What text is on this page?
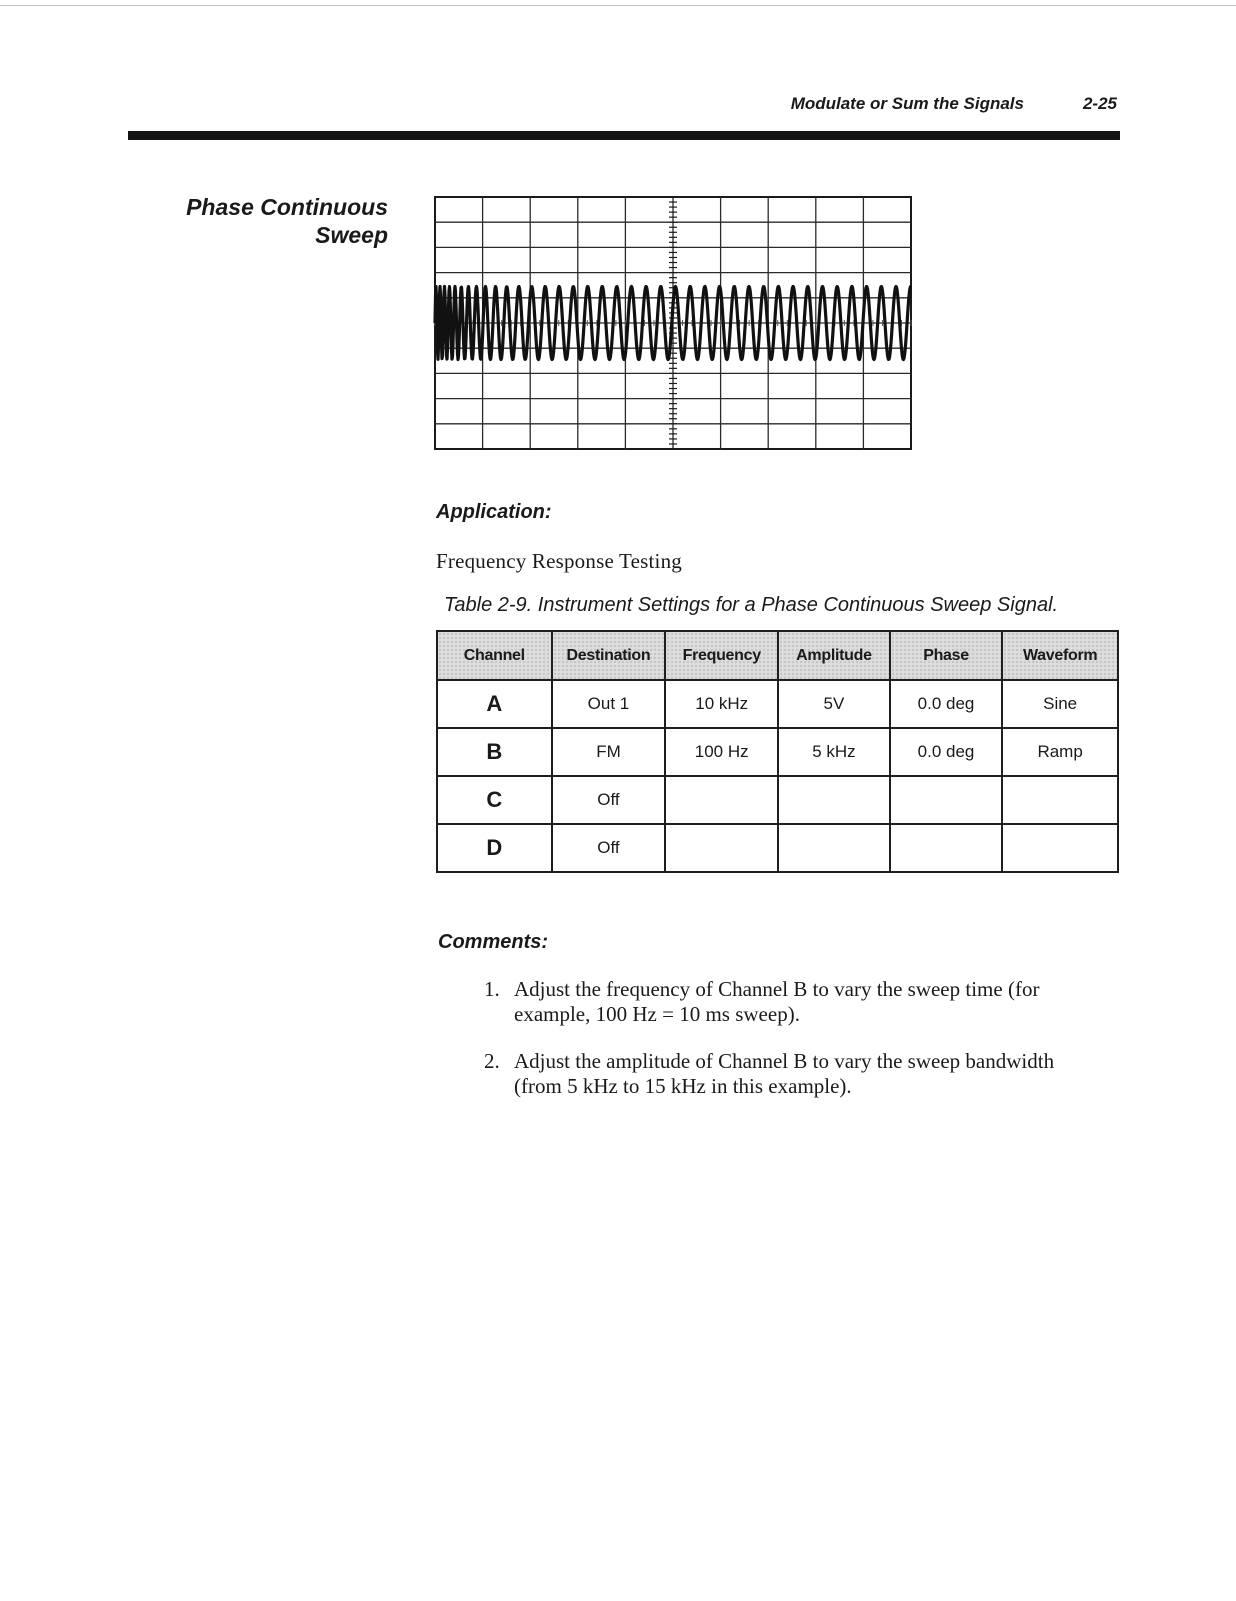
Modulate or Sum the Signals	2-25
Phase Continuous
Sweep
Application:
Frequency Response Testing
Table 2-9. Instrument Settings for a Phase Continuous Sweep Signal.
Channel	Destination	Frequency	Amplitude	Phase	Waveform
A	Out 1	10 kHz	5V	0.0 deg	Sine
B	FM	100 Hz	5 kHz	0.0 deg	Ramp
C	Off				
D	Off				
Comments:
1. Adjust the frequency of Channel B to vary the sweep time (for example, 100 Hz = 10 ms sweep).
2. Adjust the amplitude of Channel B to vary the sweep bandwidth (from 5 kHz to 15 kHz in this example).
